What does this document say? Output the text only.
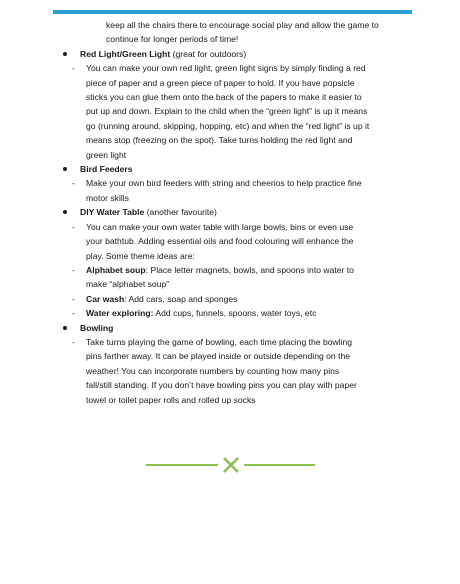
keep all the chairs there to encourage social play and allow the game to
continue for longer periods of time!
Red Light/Green Light (great for outdoors)
- You can make your own red light, green light signs by simply finding a red
piece of paper and a green piece of paper to hold. If you have popsicle
sticks you can glue them onto the back of the papers to make it easier to
put up and down. Explain to the child when the “green light” is up it means
go (running around, skipping, hopping, etc) and when the “red light” is up it
means stop (freezing on the spot). Take turns holding the red light and
green light
Bird Feeders
- Make your own bird feeders with string and cheerios to help practice fine
motor skills
DIY Water Table (another favourite)
- You can make your own water table with large bowls, bins or even use
your bathtub. Adding essential oils and food colouring will enhance the
play. Some theme ideas are:
- Alphabet soup: Place letter magnets, bowls, and spoons into water to
make “alphabet soup”
- Car wash: Add cars, soap and sponges
- Water exploring: Add cups, funnels, spoons, water toys, etc
Bowling
- Take turns playing the game of bowling, each time placing the bowling
pins farther away. It can be played inside or outside depending on the
weather! You can incorporate numbers by counting how many pins
fall/still standing. If you don’t have bowling pins you can play with paper
towel or toilet paper rolls and rolled up socks
